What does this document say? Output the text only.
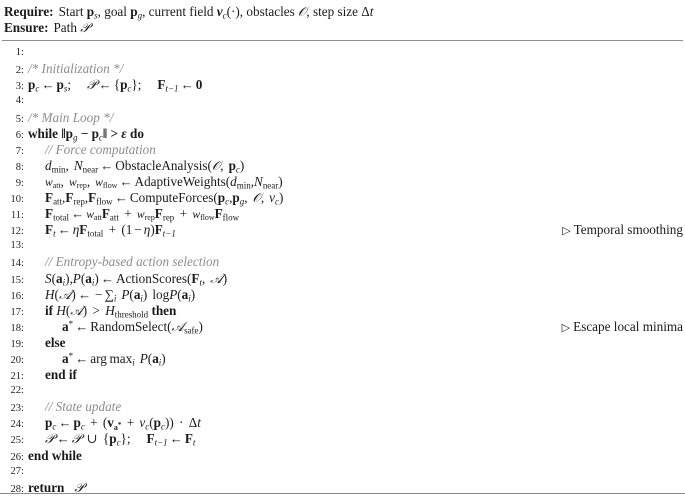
Require: Start $p_s$, goal $p_g$, current field $v_c(\cdot)$, obstacles 𝒪, step size Δt
Ensure: Path 𝒫
1:
2: /* Initialization */
3: $p_c$ ← $p_s$; 𝒫 ← $\{p_c\}$; $F_{t-1}$ ← 0
4:
5: /* Main Loop */
6: while $‖p_g$ − $p_c‖ > \varepsilon$ do
7:	// Force computation
8:	$d_{min}$, $N_{near}$ ← ObstacleAnalysis(𝒪, $p_c$)
9:	$w_{att}$, $w_{rep}$, $w_{flow}$ ← $AdaptiveWeights(d_{min},N_{near})$
10:	$F_{att},F_{rep},F_{flow}$ ← $ComputeForces(p_c,p_g$, 𝒪, $v_c$)
11:	$F_{total}$ ← $w_{att}F_{att} + w_{rep}F_{rep} + w_{flow}F_{flow}$
12:	$F_t$ ← $\eta F_{total} + (1 - \eta)F_{t-1}$	▷ Temporal smoothing
13:
14:	// Entropy-based action selection
15:	$S(a_i),P(a_i)$ ← $ActionScores(F_t$, 𝒜)
16:	H(𝒜) ← − $\sum_i$ $P(a_i)$ $\log P(a_i)$
17:	if H(𝒜) > $H_{threshold}$ then
18:	a* ← RandomSelect(𝒜$_{safe}$)	▷ Escape local minima
19:	else
20:	a* ← arg $\max_i P(a_i)$
21:	end if
22:
23:	// State update
24:	$p_c$ ← $p_c + (v_{a^*} + v_c(p_c)) \cdot \Delta t$
25:	𝒫 ← 𝒫 ∪ $\{p_c\}$; $F_{t-1}$ ← $F_t$
26: end while
27:
28: return 𝒫
